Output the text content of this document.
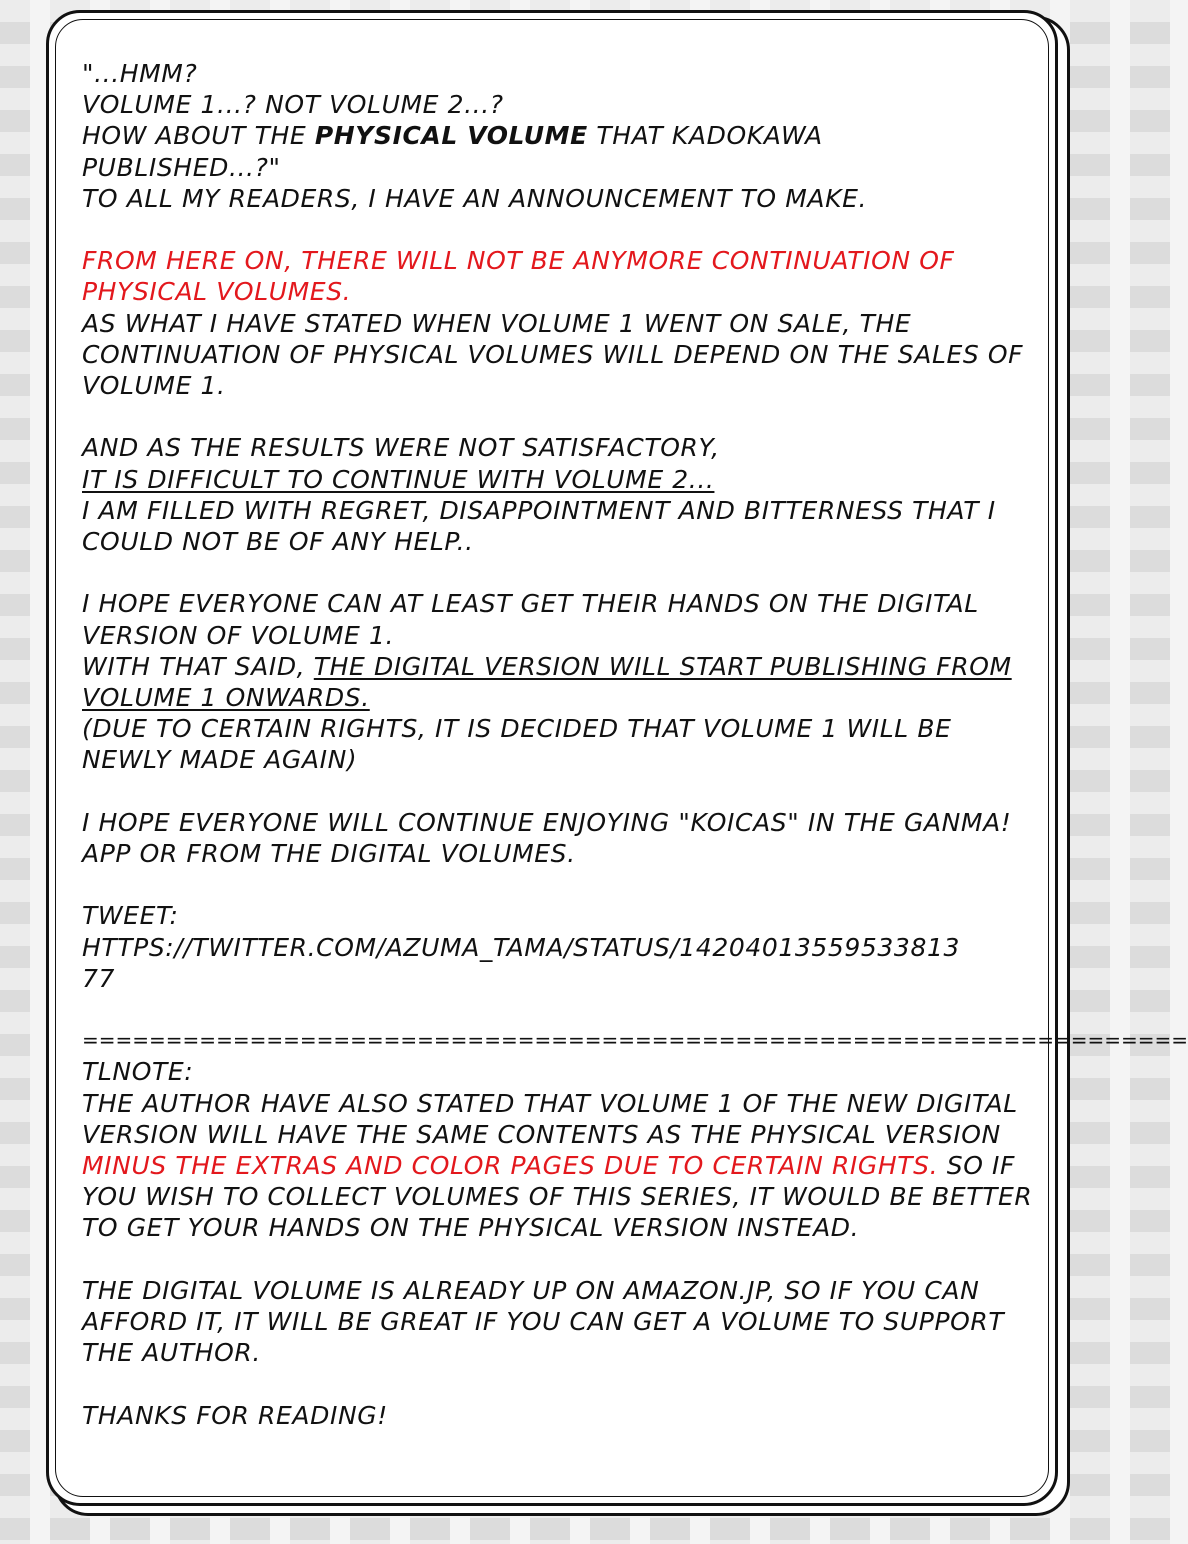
"...HMM?

VOLUME 1...? NOT VOLUME 2...?

HOW ABOUT THE PHYSICAL VOLUME THAT KADOKAWA

PUBLISHED...?"

TO ALL MY READERS, I HAVE AN ANNOUNCEMENT TO MAKE.

FROM HERE ON, THERE WILL NOT BE ANYMORE CONTINUATION OF PHYSICAL VOLUMES.

AS WHAT I HAVE STATED WHEN VOLUME 1 WENT ON SALE, THE CONTINUATION OF PHYSICAL VOLUMES WILL DEPEND ON THE SALES OF VOLUME 1.

AND AS THE RESULTS WERE NOT SATISFACTORY,

IT IS DIFFICULT TO CONTINUE WITH VOLUME 2...

I AM FILLED WITH REGRET, DISAPPOINTMENT AND BITTERNESS THAT I COULD NOT BE OF ANY HELP..

I HOPE EVERYONE CAN AT LEAST GET THEIR HANDS ON THE DIGITAL VERSION OF VOLUME 1.

WITH THAT SAID, THE DIGITAL VERSION WILL START PUBLISHING FROM VOLUME 1 ONWARDS.

(DUE TO CERTAIN RIGHTS, IT IS DECIDED THAT VOLUME 1 WILL BE NEWLY MADE AGAIN)

I HOPE EVERYONE WILL CONTINUE ENJOYING "KOICAS" IN THE GANMA! APP OR FROM THE DIGITAL VOLUMES.

TWEET:

HTTPS://TWITTER.COM/AZUMA_TAMA/STATUS/14204013559533813

77

==================================================================

TLNOTE:

THE AUTHOR HAVE ALSO STATED THAT VOLUME 1 OF THE NEW DIGITAL VERSION WILL HAVE THE SAME CONTENTS AS THE PHYSICAL VERSION MINUS THE EXTRAS AND COLOR PAGES DUE TO CERTAIN RIGHTS. SO IF YOU WISH TO COLLECT VOLUMES OF THIS SERIES, IT WOULD BE BETTER TO GET YOUR HANDS ON THE PHYSICAL VERSION INSTEAD.

THE DIGITAL VOLUME IS ALREADY UP ON AMAZON.JP, SO IF YOU CAN AFFORD IT, IT WILL BE GREAT IF YOU CAN GET A VOLUME TO SUPPORT THE AUTHOR.

THANKS FOR READING!
